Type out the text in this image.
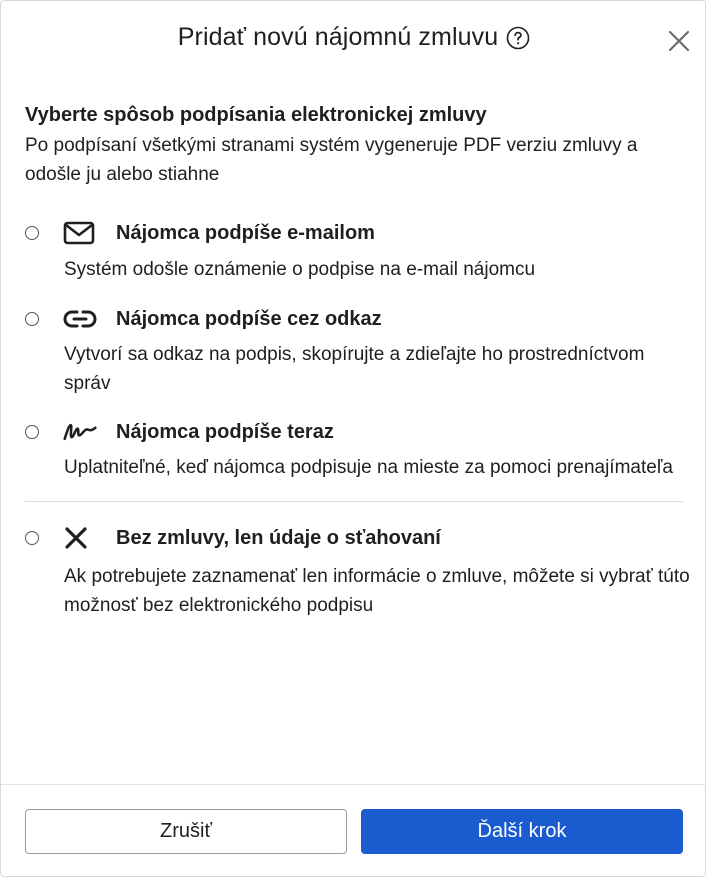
Pridať novú nájomnú zmluvu
Vyberte spôsob podpísania elektronickej zmluvy
Po podpísaní všetkými stranami systém vygeneruje PDF verziu zmluvy a odošle ju alebo stiahne
Nájomca podpíše e-mailom
Systém odošle oznámenie o podpise na e-mail nájomcu
Nájomca podpíše cez odkaz
Vytvorí sa odkaz na podpis, skopírujte a zdieľajte ho prostredníctvom správ
Nájomca podpíše teraz
Uplatniteľné, keď nájomca podpisuje na mieste za pomoci prenajímateľa
Bez zmluvy, len údaje o sťahovaní
Ak potrebujete zaznamenať len informácie o zmluve, môžete si vybrať túto možnosť bez elektronického podpisu
Zrušiť	Ďalší krok
